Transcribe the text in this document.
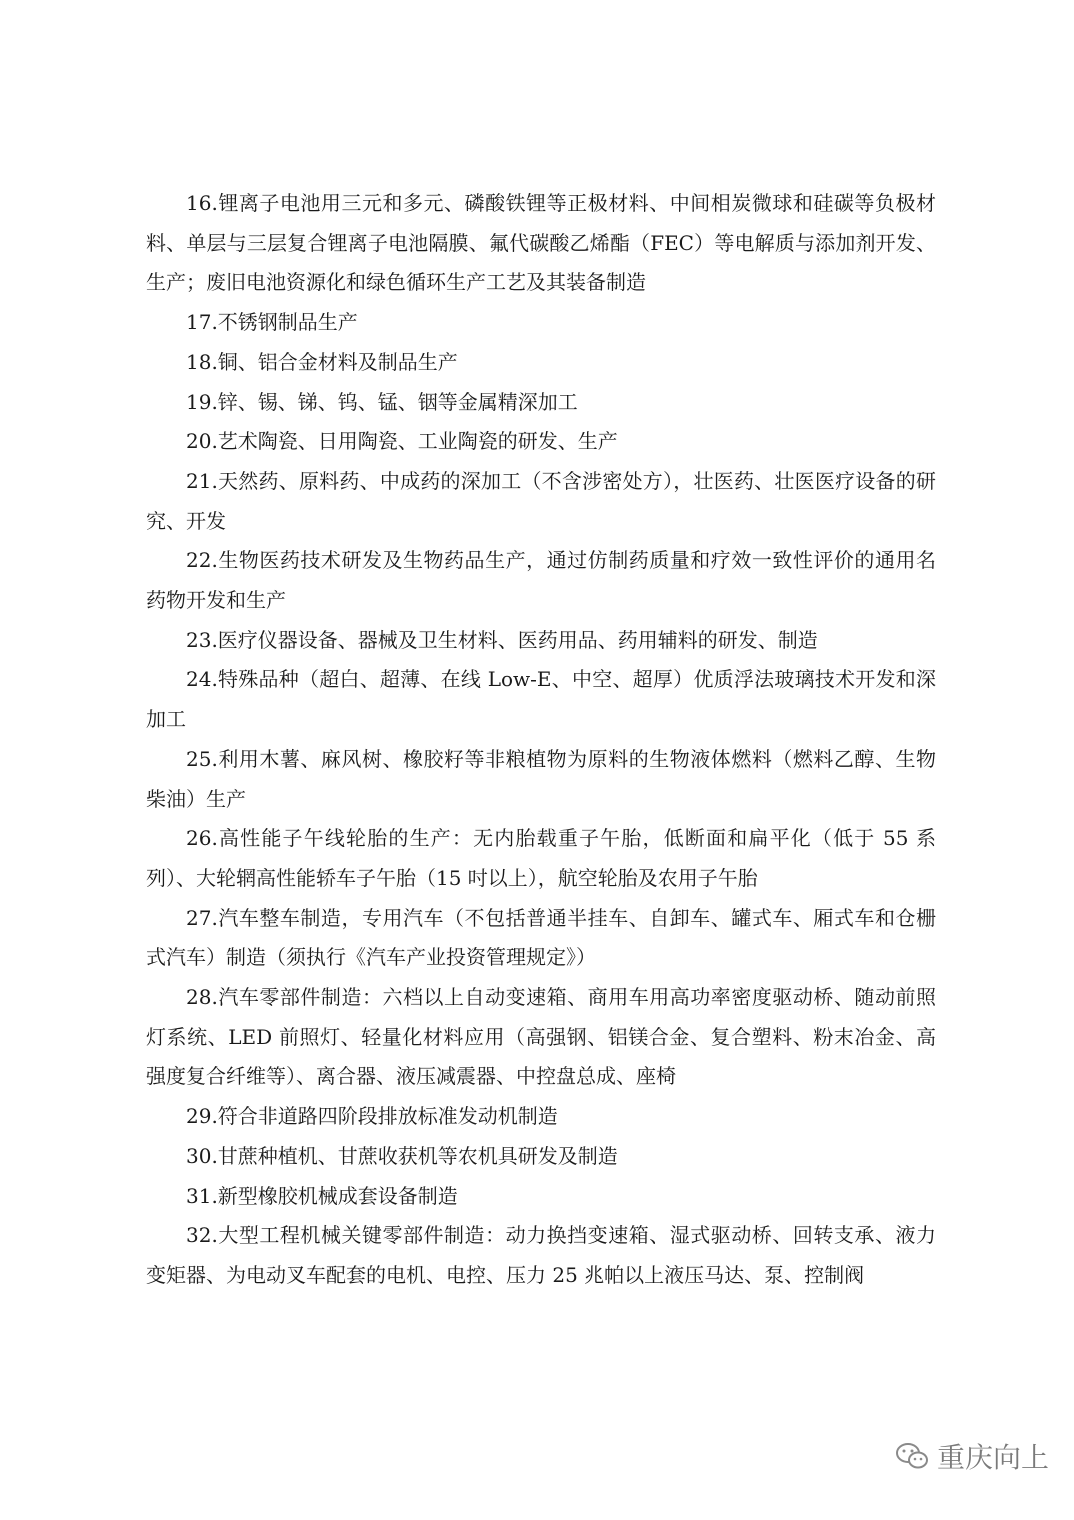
16.锂离子电池用三元和多元、磷酸铁锂等正极材料、中间相炭微球和硅碳等负极材料、单层与三层复合锂离子电池隔膜、氟代碳酸乙烯酯（FEC）等电解质与添加剂开发、生产；废旧电池资源化和绿色循环生产工艺及其装备制造

17.不锈钢制品生产

18.铜、铝合金材料及制品生产

19.锌、锡、锑、钨、锰、铟等金属精深加工

20.艺术陶瓷、日用陶瓷、工业陶瓷的研发、生产

21.天然药、原料药、中成药的深加工（不含涉密处方），壮医药、壮医医疗设备的研究、开发

22.生物医药技术研发及生物药品生产，通过仿制药质量和疗效一致性评价的通用名药物开发和生产

23.医疗仪器设备、器械及卫生材料、医药用品、药用辅料的研发、制造

24.特殊品种（超白、超薄、在线 Low-E、中空、超厚）优质浮法玻璃技术开发和深加工

25.利用木薯、麻风树、橡胶籽等非粮植物为原料的生物液体燃料（燃料乙醇、生物柴油）生产

26.高性能子午线轮胎的生产：无内胎载重子午胎，低断面和扁平化（低于 55 系列）、大轮辋高性能轿车子午胎（15 吋以上），航空轮胎及农用子午胎

27.汽车整车制造，专用汽车（不包括普通半挂车、自卸车、罐式车、厢式车和仓栅式汽车）制造（须执行《汽车产业投资管理规定》）

28.汽车零部件制造：六档以上自动变速箱、商用车用高功率密度驱动桥、随动前照灯系统、LED 前照灯、轻量化材料应用（高强钢、铝镁合金、复合塑料、粉末冶金、高强度复合纤维等）、离合器、液压减震器、中控盘总成、座椅

29.符合非道路四阶段排放标准发动机制造

30.甘蔗种植机、甘蔗收获机等农机具研发及制造

31.新型橡胶机械成套设备制造

32.大型工程机械关键零部件制造：动力换挡变速箱、湿式驱动桥、回转支承、液力变矩器、为电动叉车配套的电机、电控、压力 25 兆帕以上液压马达、泵、控制阀

重庆向上
